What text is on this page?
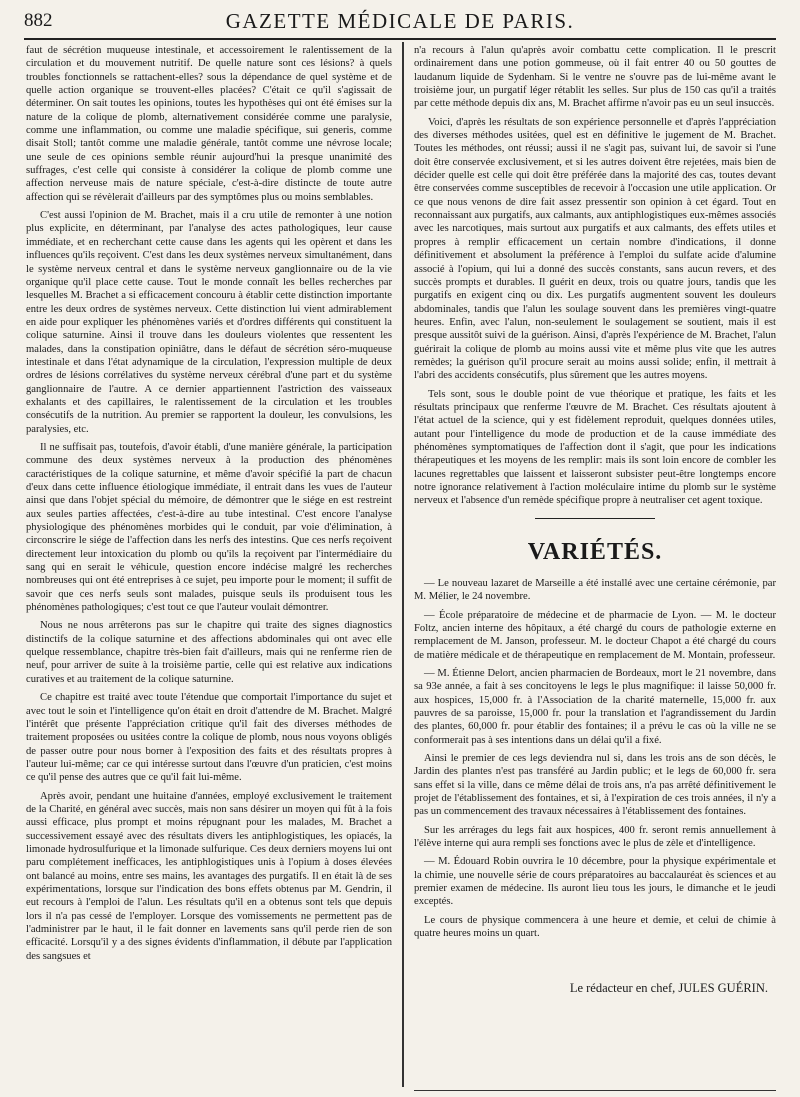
882	GAZETTE MÉDICALE DE PARIS.

faut de sécrétion muqueuse intestinale, et accessoirement le ralentissement de la circulation et du mouvement nutritif. De quelle nature sont ces lésions? à quels troubles fonctionnels se rattachent-elles? sous la dépendance de quel système et de quelle action organique se trouvent-elles placées? C'était ce qu'il s'agissait de déterminer. On sait toutes les opinions, toutes les hypothèses qui ont été émises sur la nature de la colique de plomb, alternativement considérée comme une paralysie, comme une inflammation, ou comme une maladie spécifique, sui generis, comme disait Stoll; tantôt comme une maladie générale, tantôt comme une névrose locale; une seule de ces opinions semble réunir aujourd'hui la presque unanimité des suffrages, c'est celle qui consiste à considérer la colique de plomb comme une affection nerveuse mais de nature spéciale, c'est-à-dire distincte de toute autre affection qui se révèlerait d'ailleurs par des symptômes plus ou moins semblables.

C'est aussi l'opinion de M. Brachet, mais il a cru utile de remonter à une notion plus explicite, en déterminant, par l'analyse des actes pathologiques, leur cause immédiate, et en recherchant cette cause dans les agents qui les opèrent et dans les influences qu'ils reçoivent. C'est dans les deux systèmes nerveux simultanément, dans le système nerveux central et dans le système nerveux ganglionnaire ou de la vie organique qu'il place cette cause. Tout le monde connaît les belles recherches par lesquelles M. Brachet a si efficacement concouru à établir cette distinction importante entre les deux ordres de systèmes nerveux. Cette distinction lui vient admirablement en aide pour expliquer les phénomènes variés et d'ordres différents qui constituent la colique saturnine. Ainsi il trouve dans les douleurs violentes que ressentent les malades, dans la constipation opiniâtre, dans le défaut de sécrétion séro-muqueuse intestinale et dans l'état adynamique de la circulation, l'expression multiple de deux ordres de lésions corrélatives du système nerveux cérébral d'une part et du système ganglionnaire de l'autre. A ce dernier appartiennent l'astriction des vaisseaux exhalants et des capillaires, le ralentissement de la circulation et les troubles consécutifs de la nutrition. Au premier se rapportent la douleur, les convulsions, les paralysies, etc.

Il ne suffisait pas, toutefois, d'avoir établi, d'une manière générale, la participation commune des deux systèmes nerveux à la production des phénomènes caractéristiques de la colique saturnine, et même d'avoir spécifié la part de chacun d'eux dans cette influence étiologique immédiate, il entrait dans les vues de l'auteur ainsi que dans l'objet spécial du mémoire, de démontrer que le siége en est restreint aux seules parties affectées, c'est-à-dire au tube intestinal. C'est encore l'analyse physiologique des phénomènes morbides qui le conduit, par voie d'élimination, à circonscrire le siége de l'affection dans les nerfs des intestins. Que ces nerfs reçoivent directement leur intoxication du plomb ou qu'ils la reçoivent par l'intermédiaire du sang qui en serait le véhicule, question encore indécise malgré les recherches nombreuses qui ont été entreprises à ce sujet, peu importe pour le moment; il suffit de savoir que ces nerfs seuls sont malades, puisque seuls ils produisent tous les phénomènes pathologiques; c'est tout ce que l'auteur voulait démontrer.

Nous ne nous arrêterons pas sur le chapitre qui traite des signes diagnostics distinctifs de la colique saturnine et des affections abdominales qui ont avec elle quelque ressemblance, chapitre très-bien fait d'ailleurs, mais qui ne renferme rien de neuf, pour arriver de suite à la troisième partie, celle qui est relative aux indications curatives et au traitement de la colique saturnine.

Ce chapitre est traité avec toute l'étendue que comportait l'importance du sujet et avec tout le soin et l'intelligence qu'on était en droit d'attendre de M. Brachet. Malgré l'intérêt que présente l'appréciation critique qu'il fait des diverses méthodes de traitement proposées ou usitées contre la colique de plomb, nous nous voyons obligés de passer outre pour nous borner à l'exposition des faits et des résultats propres à l'auteur lui-même; car ce qui intéresse surtout dans l'œuvre d'un praticien, c'est moins ce qu'il pense des autres que ce qu'il fait lui-même.

Après avoir, pendant une huitaine d'années, employé exclusivement le traitement de la Charité, en général avec succès, mais non sans désirer un moyen qui fût à la fois aussi efficace, plus prompt et moins répugnant pour les malades, M. Brachet a successivement essayé avec des résultats divers les antiphlogistiques, les opiacés, la limonade hydrosulfurique et la limonade sulfurique. Ces deux derniers moyens lui ont paru complétement inefficaces, les antiphlogistiques unis à l'opium à doses élevées ont balancé au moins, entre ses mains, les avantages des purgatifs. Il en était là de ses expérimentations, lorsque sur l'indication des bons effets obtenus par M. Gendrin, il eut recours à l'emploi de l'alun. Les résultats qu'il en a obtenus sont tels que depuis lors il n'a pas cessé de l'employer. Lorsque des vomissements ne permettent pas de l'administrer par le haut, il le fait donner en lavements sans qu'il perde rien de son efficacité. Lorsqu'il y a des signes évidents d'inflammation, il débute par l'application des sangsues et

n'a recours à l'alun qu'après avoir combattu cette complication. Il le prescrit ordinairement dans une potion gommeuse, où il fait entrer 40 ou 50 gouttes de laudanum liquide de Sydenham. Si le ventre ne s'ouvre pas de lui-même avant le troisième jour, un purgatif léger rétablit les selles. Sur plus de 150 cas qu'il a traités par cette méthode depuis dix ans, M. Brachet affirme n'avoir pas eu un seul insuccès.

Voici, d'après les résultats de son expérience personnelle et d'après l'appréciation des diverses méthodes usitées, quel est en définitive le jugement de M. Brachet. Toutes les méthodes, ont réussi; aussi il ne s'agit pas, suivant lui, de savoir si l'une doit être conservée exclusivement, et si les autres doivent être rejetées, mais bien de décider quelle est celle qui doit être préférée dans la majorité des cas, toutes devant être conservées comme susceptibles de recevoir à l'occasion une utile application. Or ce que nous venons de dire fait assez pressentir son opinion à cet égard. Tout en reconnaissant aux purgatifs, aux calmants, aux antiphlogistiques eux-mêmes associés avec les narcotiques, mais surtout aux purgatifs et aux calmants, des effets utiles et propres à remplir efficacement un certain nombre d'indications, il donne définitivement et absolument la préférence à l'emploi du sulfate acide d'alumine associé à l'opium, qui lui a donné des succès constants, sans aucun revers, et des succès prompts et durables. Il guérit en deux, trois ou quatre jours, tandis que les purgatifs en exigent cinq ou dix. Les purgatifs augmentent souvent les douleurs abdominales, tandis que l'alun les soulage souvent dans les premières vingt-quatre heures. Enfin, avec l'alun, non-seulement le soulagement se soutient, mais il est presque aussitôt suivi de la guérison. Ainsi, d'après l'expérience de M. Brachet, l'alun guérirait la colique de plomb au moins aussi vite et même plus vite que les autres remèdes; la guérison qu'il procure serait au moins aussi solide; enfin, il mettrait à l'abri des accidents consécutifs, plus sûrement que les autres moyens.

Tels sont, sous le double point de vue théorique et pratique, les faits et les résultats principaux que renferme l'œuvre de M. Brachet. Ces résultats ajoutent à l'état actuel de la science, qui y est fidèlement reproduit, quelques données utiles, autant pour l'intelligence du mode de production et de la cause immédiate des phénomènes symptomatiques de l'affection dont il s'agit, que pour les indications thérapeutiques et les moyens de les remplir: mais ils sont loin encore de combler les lacunes regrettables que laissent et laisseront subsister peut-être longtemps encore notre ignorance relativement à l'action moléculaire intime du plomb sur le système nerveux et l'absence d'un remède spécifique propre à neutraliser cet agent toxique.

VARIÉTÉS.

— Le nouveau lazaret de Marseille a été installé avec une certaine cérémonie, par M. Mélier, le 24 novembre.

— École préparatoire de médecine et de pharmacie de Lyon. — M. le docteur Foltz, ancien interne des hôpitaux, a été chargé du cours de pathologie externe en remplacement de M. Janson, professeur. M. le docteur Chapot a été chargé du cours de matière médicale et de thérapeutique en remplacement de M. Montain, professeur.

— M. Étienne Delort, ancien pharmacien de Bordeaux, mort le 21 novembre, dans sa 93e année, a fait à ses concitoyens le legs le plus magnifique: il laisse 50,000 fr. aux hospices, 15,000 fr. à l'Association de la charité maternelle, 15,000 fr. aux pauvres de sa paroisse, 15,000 fr. pour la translation et l'agrandissement du Jardin des plantes, 60,000 fr. pour établir des fontaines; il a prévu le cas où la ville ne se conformerait pas à ses intentions dans un délai qu'il a fixé.

Ainsi le premier de ces legs deviendra nul si, dans les trois ans de son décès, le Jardin des plantes n'est pas transféré au Jardin public; et le legs de 60,000 fr. sera sans effet si la ville, dans ce même délai de trois ans, n'a pas arrêté définitivement le projet de l'établissement des fontaines, et si, à l'expiration de ces trois années, il n'y a pas un commencement des travaux nécessaires à l'établissement des fontaines.

Sur les arrérages du legs fait aux hospices, 400 fr. seront remis annuellement à l'élève interne qui aura rempli ses fonctions avec le plus de zèle et d'intelligence.

— M. Édouard Robin ouvrira le 10 décembre, pour la physique expérimentale et la chimie, une nouvelle série de cours préparatoires au baccalauréat ès sciences et au premier examen de médecine. Ils auront lieu tous les jours, le dimanche et le jeudi exceptés.

Le cours de physique commencera à une heure et demie, et celui de chimie à quatre heures moins un quart.

Le rédacteur en chef, JULES GUÉRIN.
